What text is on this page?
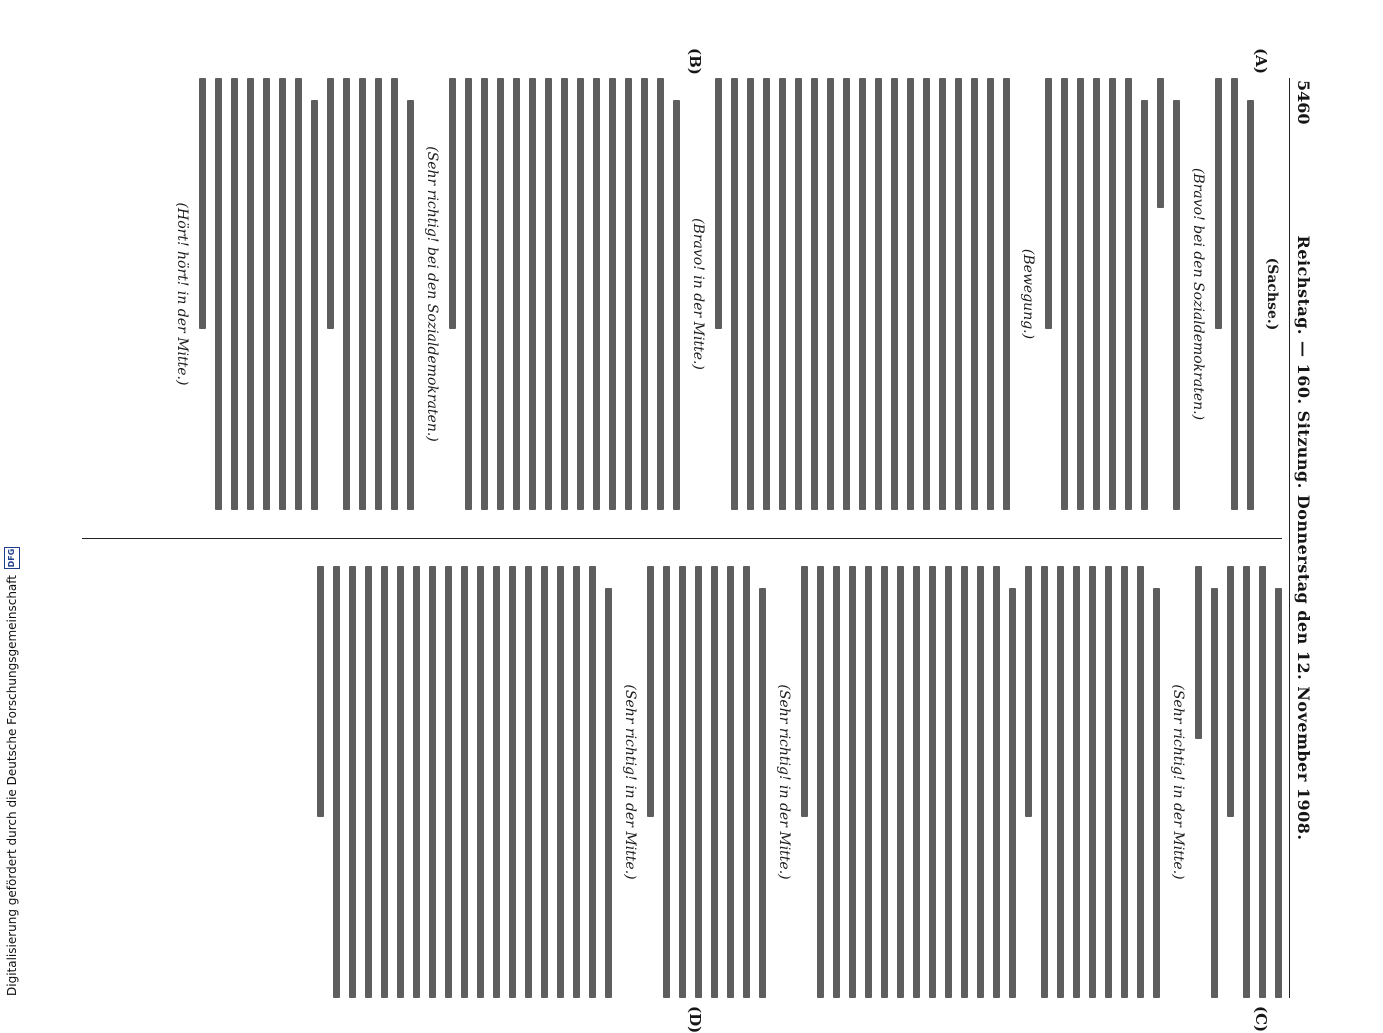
5460
Reichstag. — 160. Sitzung. Donnerstag den 12. November 1908.
(A)
(B)
(C)
(D)
(Sachse.)
(Bravo! bei den Sozialdemokraten.)
(Bewegung.)
(Bravo! in der Mitte.)
(Sehr richtig! bei den Sozialdemokraten.)
(Hört! hört! in der Mitte.)
(Sehr richtig! in der Mitte.)
(Sehr richtig! in der Mitte.)
(Sehr richtig! in der Mitte.)
Digitalisierung gefördert durch die Deutsche Forschungsgemeinschaft
DFG
